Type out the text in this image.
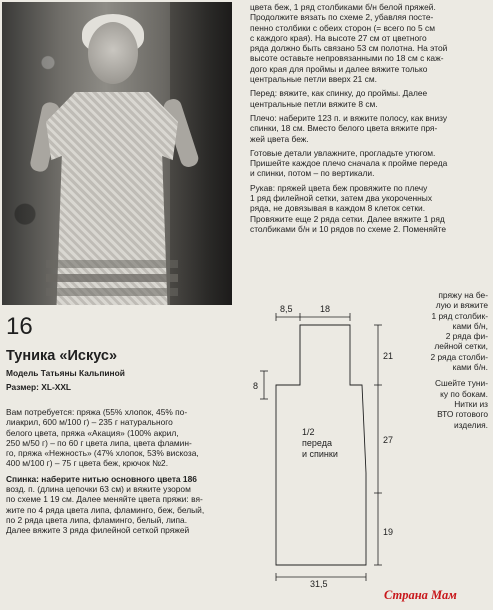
16
Туника «Искус»
Модель Татьяны Кальпиной
Размер: XL-XXL

Вам потребуется: пряжа (55% хлопок, 45% по-

лиакрил, 600 м/100 г) – 235 г натурального

белого цвета, пряжа «Акация» (100% акрил,

250 м/50 г) – по 60 г цвета липа, цвета фламин-

го, пряжа «Нежность» (47% хлопок, 53% вискоза,

400 м/100 г) – 75 г цвета беж, крючок №2.

Спинка: наберите нитью основного цвета 186

возд. п. (длина цепочки 63 см) и вяжите узором

по схеме 1 19 см. Далее меняйте цвета пряжи: вя-

жите по 4 ряда цвета липа, фламинго, беж, белый,

по 2 ряда цвета липа, фламинго, белый, липа.

Далее вяжите 3 ряда филейной сеткой пряжей

цвета беж, 1 ряд столбиками б/н белой пряжей.

Продолжите вязать по схеме 2, убавляя посте-

пенно столбики с обеих сторон (= всего по 5 см

с каждого края). На высоте 27 см от цветного

ряда должно быть связано 53 см полотна. На этой

высоте оставьте непровязанными по 18 см с каж-

дого края для проймы и далее вяжите только

центральные петли вверх 21 см.

Перед: вяжите, как спинку, до проймы. Далее

центральные петли вяжите 8 см.

Плечо: наберите 123 п. и вяжите полосу, как внизу

спинки, 18 см. Вместо белого цвета вяжите пря-

жей цвета беж.

Готовые детали увлажните, прогладьте утюгом.

Пришейте каждое плечо сначала к пройме переда

и спинки, потом – по вертикали.

Рукав: пряжей цвета беж провяжите по плечу

1 ряд филейной сетки, затем два укороченных

ряда, не довязывая в каждом 8 клеток сетки.

Провяжите еще 2 ряда сетки. Далее вяжите 1 ряд

столбиками б/н и 10 рядов по схеме 2. Поменяйте

пряжу на бе-

лую и вяжите

1 ряд столбик-

ками б/н,

2 ряда фи-

лейной сетки,

2 ряда столби-

ками б/н.

Сшейте туни-

ку по бокам.

Нитки из

ВТО готового

изделия.

8,5	18
21
27
19
8
1/2
переда
и спинки
31,5
Страна Мам
